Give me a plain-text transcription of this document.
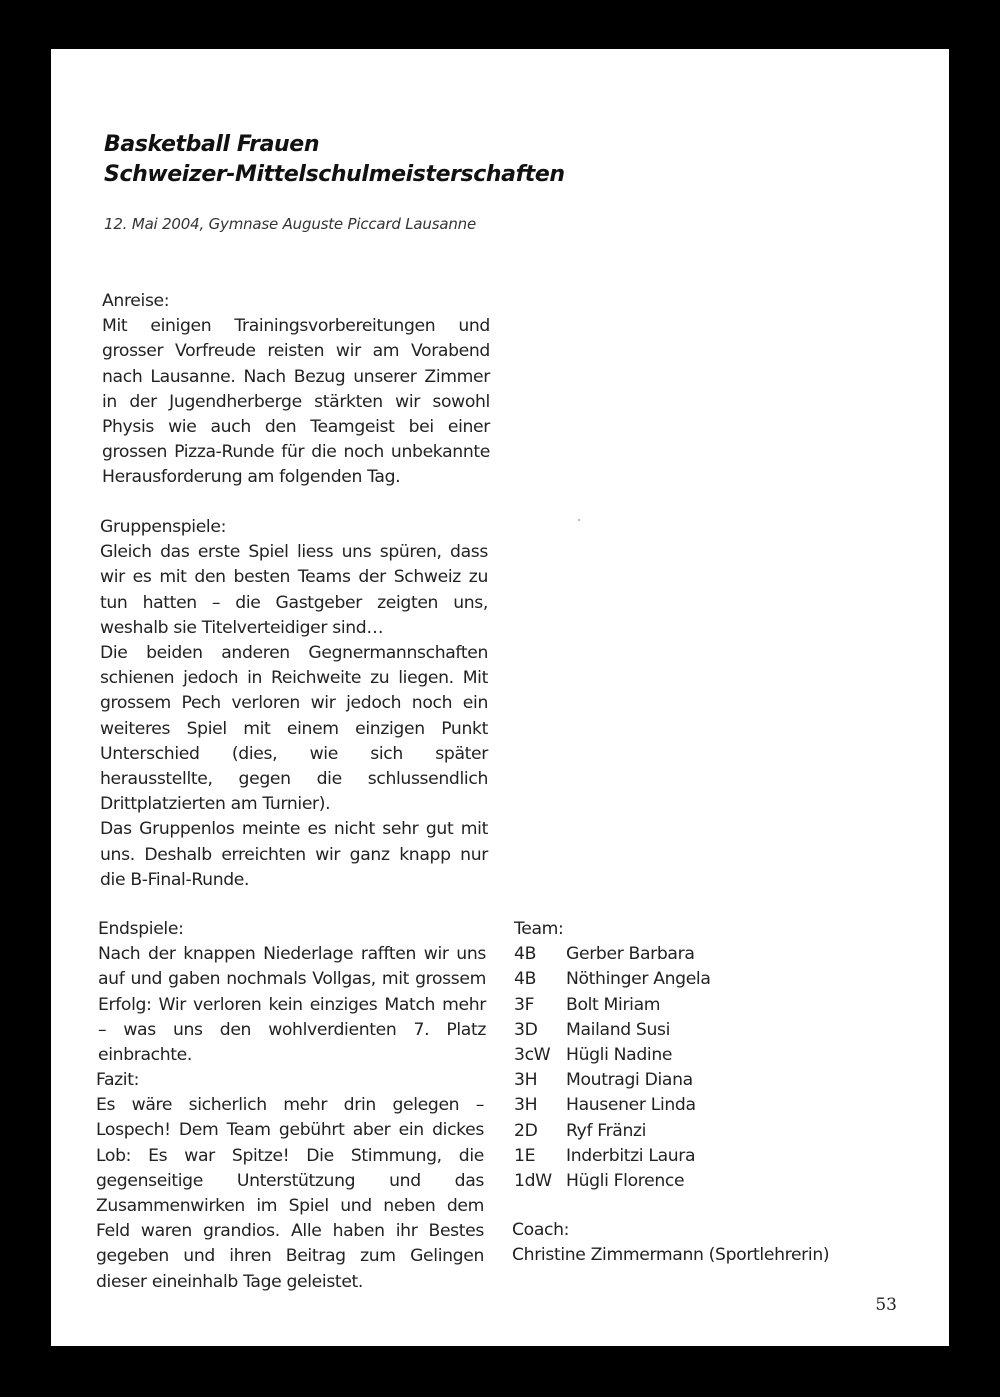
Basketball Frauen
Schweizer-Mittelschulmeisterschaften
12. Mai 2004, Gymnase Auguste Piccard Lausanne
Anreise:

Mit einigen Trainingsvorbereitungen und grosser Vorfreude reisten wir am Vorabend nach Lausanne. Nach Bezug unserer Zimmer in der Jugendherberge stärkten wir sowohl Physis wie auch den Teamgeist bei einer grossen Pizza-Runde für die noch unbekannte Herausforderung am folgenden Tag.

Gruppenspiele:

Gleich das erste Spiel liess uns spüren, dass wir es mit den besten Teams der Schweiz zu tun hatten – die Gastgeber zeigten uns, weshalb sie Titelverteidiger sind…

Die beiden anderen Gegnermannschaften schienen jedoch in Reichweite zu liegen. Mit grossem Pech verloren wir jedoch noch ein weiteres Spiel mit einem einzigen Punkt Unterschied (dies, wie sich später herausstellte, gegen die schlussendlich Drittplatzierten am Turnier).

Das Gruppenlos meinte es nicht sehr gut mit uns. Deshalb erreichten wir ganz knapp nur die B-Final-Runde.

Endspiele:

Nach der knappen Niederlage rafften wir uns auf und gaben nochmals Vollgas, mit grossem Erfolg: Wir verloren kein einziges Match mehr – was uns den wohlverdienten 7. Platz einbrachte.

Fazit:

Es wäre sicherlich mehr drin gelegen – Lospech! Dem Team gebührt aber ein dickes Lob: Es war Spitze! Die Stimmung, die gegenseitige Unterstützung und das Zusammenwirken im Spiel und neben dem Feld waren grandios. Alle haben ihr Bestes gegeben und ihren Beitrag zum Gelingen dieser eineinhalb Tage geleistet.

Team:
4B	Gerber Barbara
4B	Nöthinger Angela
3F	Bolt Miriam
3D	Mailand Susi
3cW Hügli Nadine
3H	Moutragi Diana
3H	Hausener Linda
2D	Ryf Fränzi
1E	Inderbitzi Laura
1dW Hügli Florence
Coach:
Christine Zimmermann (Sportlehrerin)
53
